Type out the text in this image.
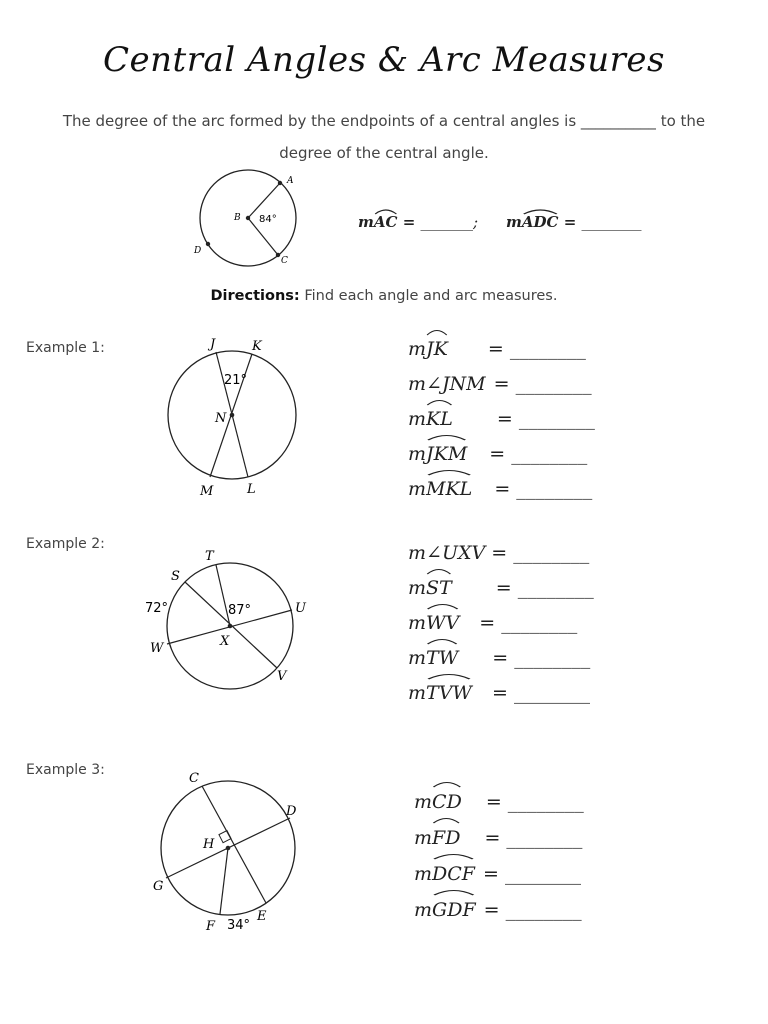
Central Angles & Arc Measures
The degree of the arc formed by the endpoints of a central angles is __________ to the
degree of the central angle.
A
B
C
D
84°	mAC = _______; mADC = ________
Directions: Find each angle and arc measures.
Example 1:	J	K
N
M	L
21°
mJK = ________
m∠JNM = ________
mKL = ________
mJKM = ________
mMKL = ________
Example 2:
T
S
U
W	X
V
72°	87°
m∠UXV = ________
mST = ________
mWV = ________
mTW = ________
mTVW = ________
Example 3:
C
D
H
G
F
E
34°
mCD = ________
mFD = ________
mDCF = ________
mGDF = ________
